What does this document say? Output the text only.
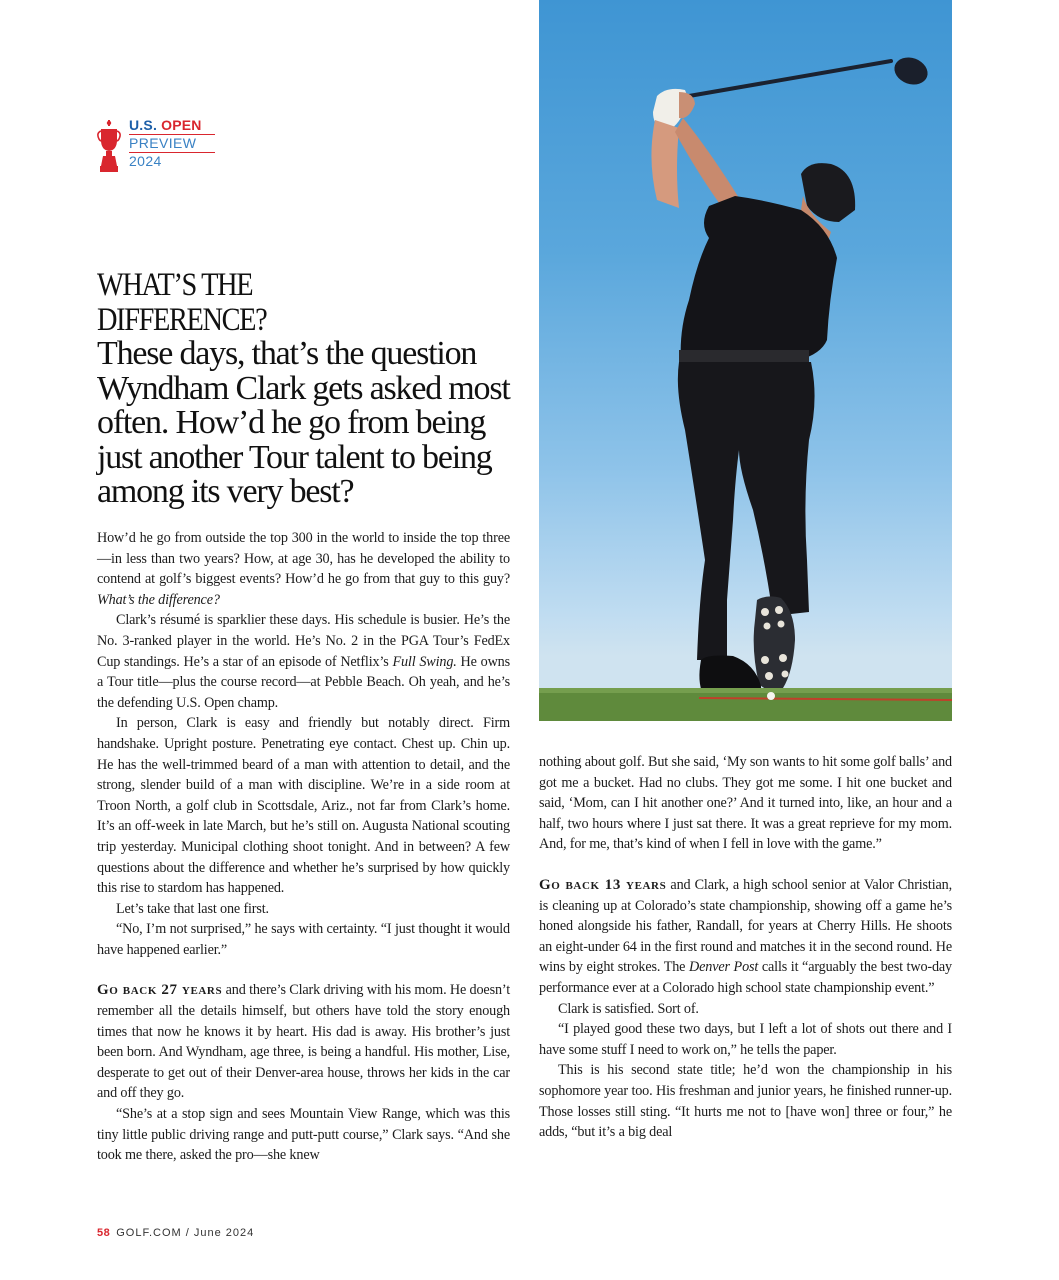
U.S. OPEN
PREVIEW
2024
WHAT’S THE
DIFFERENCE?
These days, that’s the question Wyndham Clark gets asked most often. How’d he go from being just another Tour talent to being among its very best?

How’d he go from outside the top 300 in the world to inside the top three—in less than two years? How, at age 30, has he developed the ability to contend at golf’s biggest events? How’d he go from that guy to this guy? What’s the difference?

Clark’s résumé is sparklier these days. His schedule is busier. He’s the No. 3-ranked player in the world. He’s No. 2 in the PGA Tour’s FedEx Cup standings. He’s a star of an episode of Netflix’s Full Swing. He owns a Tour title—plus the course record—at Pebble Beach. Oh yeah, and he’s the defending U.S. Open champ.

In person, Clark is easy and friendly but notably direct. Firm handshake. Upright posture. Penetrating eye contact. Chest up. Chin up. He has the well-trimmed beard of a man with attention to detail, and the strong, slender build of a man with discipline. We’re in a side room at Troon North, a golf club in Scottsdale, Ariz., not far from Clark’s home. It’s an off-week in late March, but he’s still on. Augusta National scouting trip yesterday. Municipal clothing shoot tonight. And in between? A few questions about the difference and whether he’s surprised by how quickly this rise to stardom has happened.

Let’s take that last one first.

“No, I’m not surprised,” he says with certainty. “I just thought it would have happened earlier.”

Go back 27 years and there’s Clark driving with his mom. He doesn’t remember all the details himself, but others have told the story enough times that now he knows it by heart. His dad is away. His brother’s just been born. And Wyndham, age three, is being a handful. His mother, Lise, desperate to get out of their Denver-area house, throws her kids in the car and off they go.

“She’s at a stop sign and sees Mountain View Range, which was this tiny little public driving range and putt-putt course,” Clark says. “And she took me there, asked the pro—she knew

nothing about golf. But she said, ‘My son wants to hit some golf balls’ and got me a bucket. Had no clubs. They got me some. I hit one bucket and said, ‘Mom, can I hit another one?’ And it turned into, like, an hour and a half, two hours where I just sat there. It was a great reprieve for my mom. And, for me, that’s kind of when I fell in love with the game.”

Go back 13 years and Clark, a high school senior at Valor Christian, is cleaning up at Colorado’s state championship, showing off a game he’s honed alongside his father, Randall, for years at Cherry Hills. He shoots an eight-under 64 in the first round and matches it in the second round. He wins by eight strokes. The Denver Post calls it “arguably the best two-day performance ever at a Colorado high school state championship event.”

Clark is satisfied. Sort of.

“I played good these two days, but I left a lot of shots out there and I have some stuff I need to work on,” he tells the paper.

This is his second state title; he’d won the championship in his sophomore year too. His freshman and junior years, he finished runner-up. Those losses still sting. “It hurts me not to [have won] three or four,” he adds, “but it’s a big deal

58 GOLF.COM / June 2024
